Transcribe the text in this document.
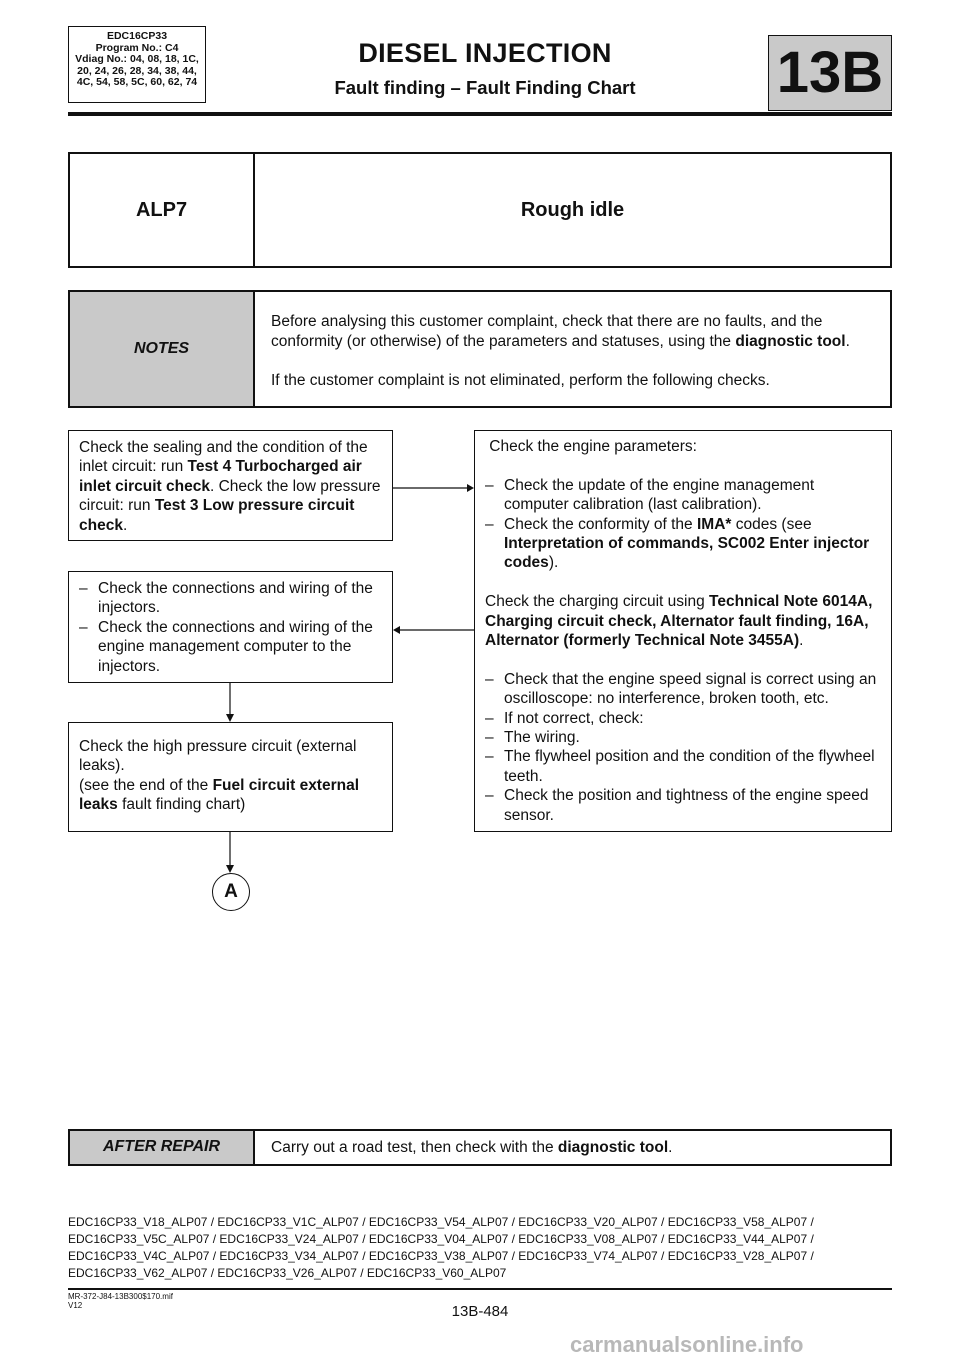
EDC16CP33
Program No.: C4
Vdiag No.: 04, 08, 18, 1C,
20, 24, 26, 28, 34, 38, 44,
4C, 54, 58, 5C, 60, 62, 74
DIESEL INJECTION
Fault finding – Fault Finding Chart	13B
ALP7	Rough idle
NOTES

Before analysing this customer complaint, check that there are no faults, and the conformity (or otherwise) of the parameters and statuses, using the diagnostic tool.

If the customer complaint is not eliminated, perform the following checks.

Check the sealing and the condition of the inlet circuit: run Test 4 Turbocharged air inlet circuit check. Check the low pressure circuit: run Test 3 Low pressure circuit check.
– Check the connections and wiring of the injectors.
– Check the connections and wiring of the engine management computer to the injectors.
Check the high pressure circuit (external leaks).
(see the end of the Fuel circuit external leaks fault finding chart)
Check the engine parameters:
– Check the update of the engine management computer calibration (last calibration).
– Check the conformity of the IMA* codes (see Interpretation of commands, SC002 Enter injector codes).
Check the charging circuit using Technical Note 6014A, Charging circuit check, Alternator fault finding, 16A, Alternator (formerly Technical Note 3455A).
– Check that the engine speed signal is correct using an oscilloscope: no interference, broken tooth, etc.
– If not correct, check:
– The wiring.
– The flywheel position and the condition of the flywheel teeth.
– Check the position and tightness of the engine speed sensor.
A
AFTER REPAIR	Carry out a road test, then check with the diagnostic tool.
EDC16CP33_V18_ALP07 / EDC16CP33_V1C_ALP07 / EDC16CP33_V54_ALP07 / EDC16CP33_V20_ALP07 / EDC16CP33_V58_ALP07 /
EDC16CP33_V5C_ALP07 / EDC16CP33_V24_ALP07 / EDC16CP33_V04_ALP07 / EDC16CP33_V08_ALP07 / EDC16CP33_V44_ALP07 /
EDC16CP33_V4C_ALP07 / EDC16CP33_V34_ALP07 / EDC16CP33_V38_ALP07 / EDC16CP33_V74_ALP07 / EDC16CP33_V28_ALP07 /
EDC16CP33_V62_ALP07 / EDC16CP33_V26_ALP07 / EDC16CP33_V60_ALP07
MR-372-J84-13B300$170.mif
V12	13B-484
carmanualsonline.info
